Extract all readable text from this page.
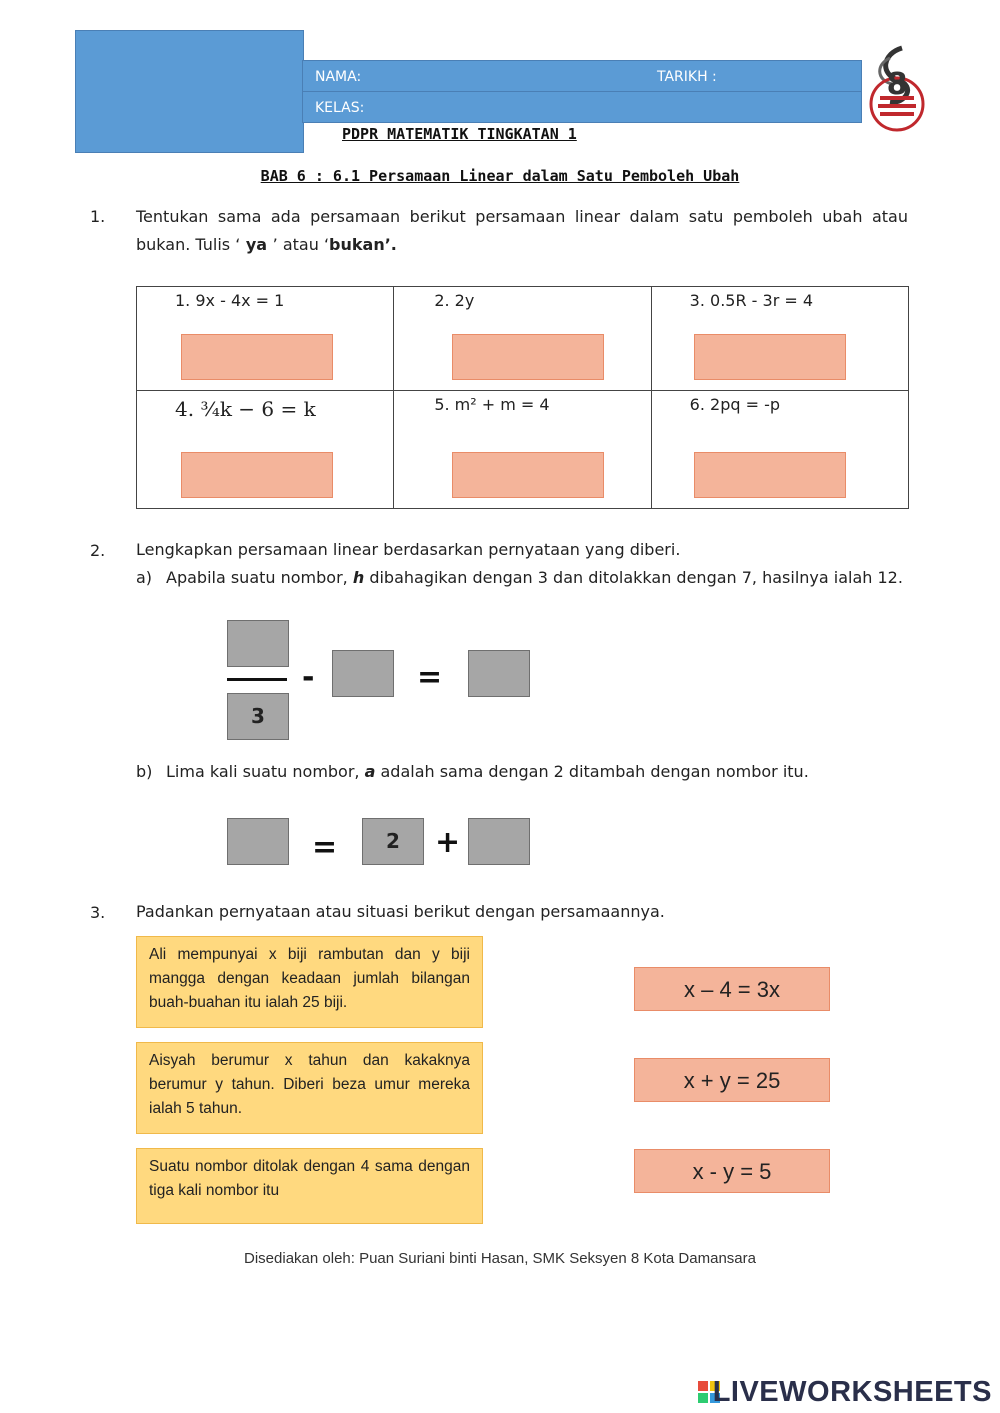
NAMA:	TARIKH :
KELAS:
8
PDPR MATEMATIK TINGKATAN 1
BAB 6 : 6.1 Persamaan Linear dalam Satu Pemboleh Ubah
1. Tentukan sama ada persamaan berikut persamaan linear dalam satu pemboleh ubah atau bukan. Tulis ‘ ya ’ atau ‘bukan’.
1. 9x - 4x = 1	2. 2y	3. 0.5R - 3r = 4

4. ¾k − 6 = k	5. m² + m = 4	6. 2pq = -p
2. Lengkapkan persamaan linear berdasarkan pernyataan yang diberi.
a) Apabila suatu nombor, h dibahagikan dengan 3 dan ditolakkan dengan 7, hasilnya ialah 12.
3
-	=
b) Lima kali suatu nombor, a adalah sama dengan 2 ditambah dengan nombor itu.
=	2	+
3. Padankan pernyataan atau situasi berikut dengan persamaannya.
Ali mempunyai x biji rambutan dan y biji mangga dengan keadaan jumlah bilangan buah-buahan itu ialah 25 biji.
Aisyah berumur x tahun dan kakaknya berumur y tahun. Diberi beza umur mereka ialah 5 tahun.
Suatu nombor ditolak dengan 4 sama dengan tiga kali nombor itu
x – 4 = 3x
x + y = 25
x - y = 5
Disediakan oleh: Puan Suriani binti Hasan, SMK Seksyen 8 Kota Damansara
LIVEWORKSHEETS
